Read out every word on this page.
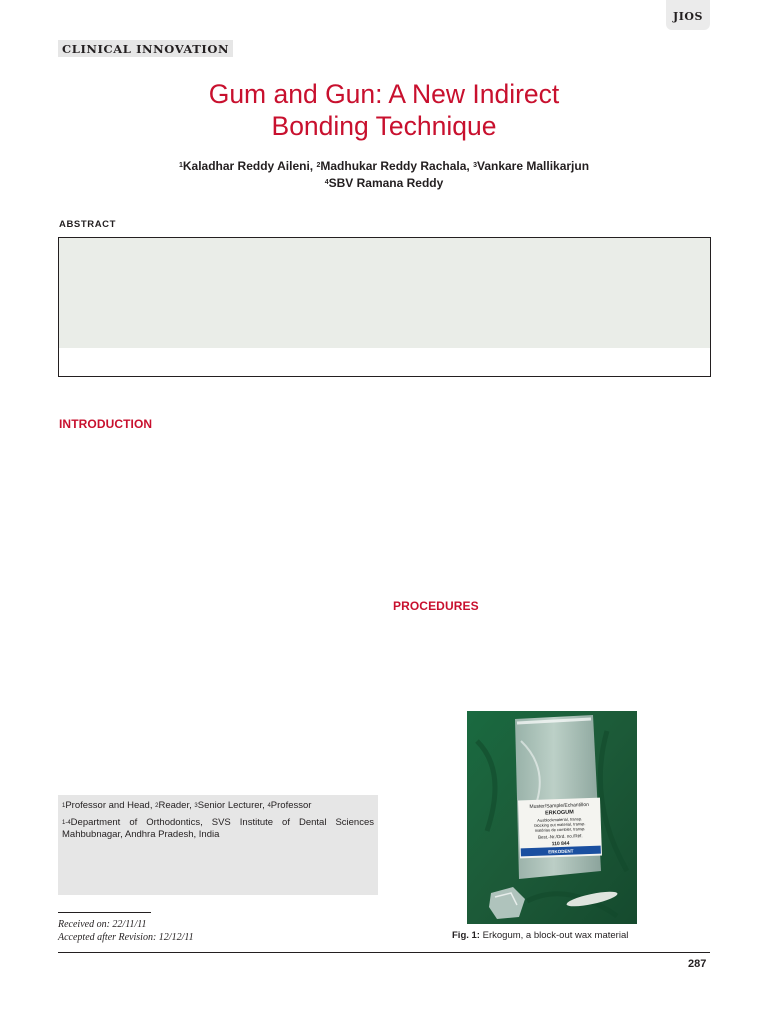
JIOS
CLINICAL INNOVATION
Gum and Gun: A New Indirect
Bonding Technique
$^1$Kaladhar Reddy Aileni, $^2$Madhukar Reddy Rachala, $^3$Vankare Mallikarjun
$^4$SBV Ramana Reddy
ABSTRACT
INTRODUCTION
PROCEDURES

$^1$Professor and Head, $^2$Reader, $^3$Senior Lecturer, $^4$Professor

$^{1-4}$Department of Orthodontics, SVS Institute of Dental Sciences

Mahbubnagar, Andhra Pradesh, India

Received on: 22/11/11
Accepted after Revision: 12/12/11
Muster/Sample/Echantillon
ERKOGUM
Ausblockmaterial, transp.
blocking out material, transp.
matériau de combler, transp.
Best.-Nr./Ord. no./Réf.
110 844
ERKODENT
Fig. 1: Erkogum, a block-out wax material
287
